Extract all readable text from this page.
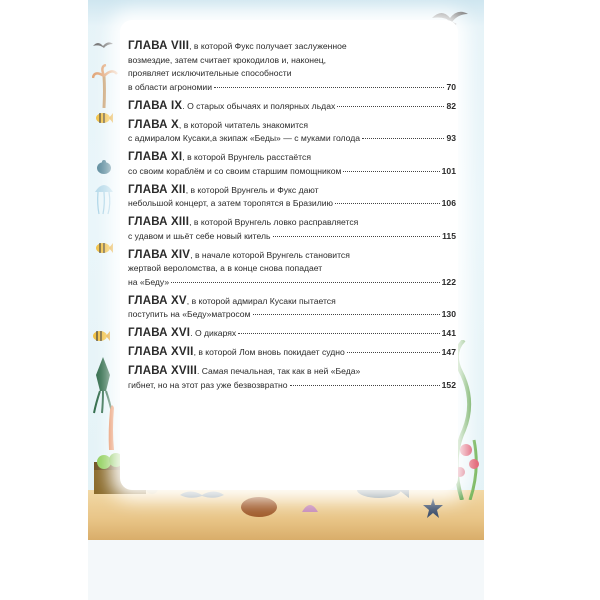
ГЛАВА VIII, в которой Фукс получает заслуженное
возмездие, затем считает крокодилов и, наконец,
проявляет исключительные способности
в области агрономии	70
ГЛАВА IX. О старых обычаях и полярных льдах	82
ГЛАВА X, в которой читатель знакомится
с адмиралом Кусаки,а экипаж «Беды» — с муками голода	93
ГЛАВА XI, в которой Врунгель расстаётся
со своим кораблём и со своим старшим помощником	101
ГЛАВА XII, в которой Врунгель и Фукс дают
небольшой концерт, а затем торопятся в Бразилию	106
ГЛАВА XIII, в которой Врунгель ловко расправляется
с удавом и шьёт себе новый китель	115
ГЛАВА XIV, в начале которой Врунгель становится
жертвой вероломства, а в конце снова попадает
на «Беду»	122
ГЛАВА XV, в которой адмирал Кусаки пытается
поступить на «Беду»матросом	130
ГЛАВА XVI. О дикарях	141
ГЛАВА XVII, в которой Лом вновь покидает судно	147
ГЛАВА XVIII. Самая печальная, так как в ней «Беда»
гибнет, но на этот раз уже безвозвратно	152
